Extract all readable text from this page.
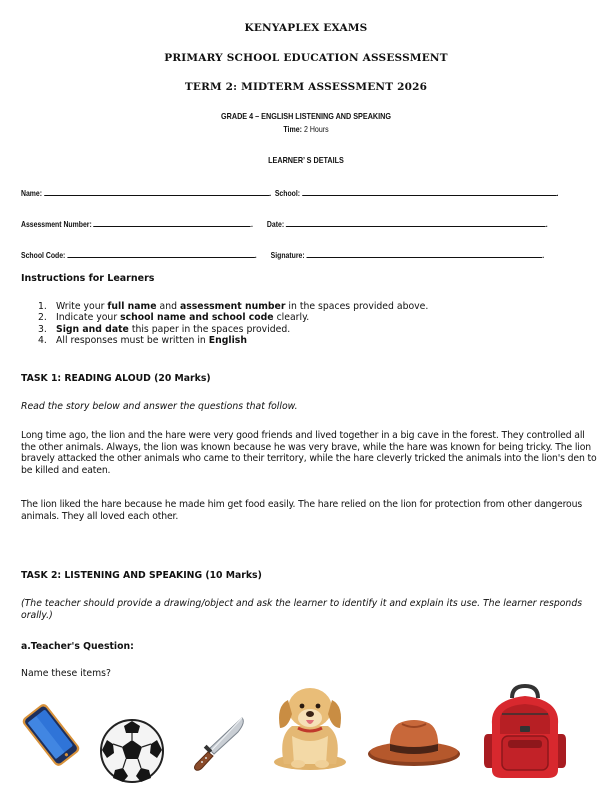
KENYAPLEX EXAMS
PRIMARY SCHOOL EDUCATION ASSESSMENT
TERM 2: MIDTERM ASSESSMENT 2026
GRADE 4 – ENGLISH LISTENING AND SPEAKING
Time: 2 Hours
LEARNER’ S DETAILS
Name:	. School:	.
Assessment Number:	. Date:	.
School Code:	. Signature:	.
Instructions for Learners
1. Write your full name and assessment number in the spaces provided above.
2. Indicate your school name and school code clearly.
3. Sign and date this paper in the spaces provided.
4. All responses must be written in English
TASK 1: READING ALOUD (20 Marks)
Read the story below and answer the questions that follow.
Long time ago, the lion and the hare were very good friends and lived together in a big cave in the forest. They controlled all the other animals. Always, the lion was known because he was very brave, while the hare was known for being tricky. The lion bravely attacked the other animals who came to their territory, while the hare cleverly tricked the animals into the lion's den to be killed and eaten.
The lion liked the hare because he made him get food easily. The hare relied on the lion for protection from other dangerous animals. They all loved each other.
TASK 2: LISTENING AND SPEAKING (10 Marks)
(The teacher should provide a drawing/object and ask the learner to identify it and explain its use. The learner responds orally.)
a.Teacher's Question:
Name these items?
